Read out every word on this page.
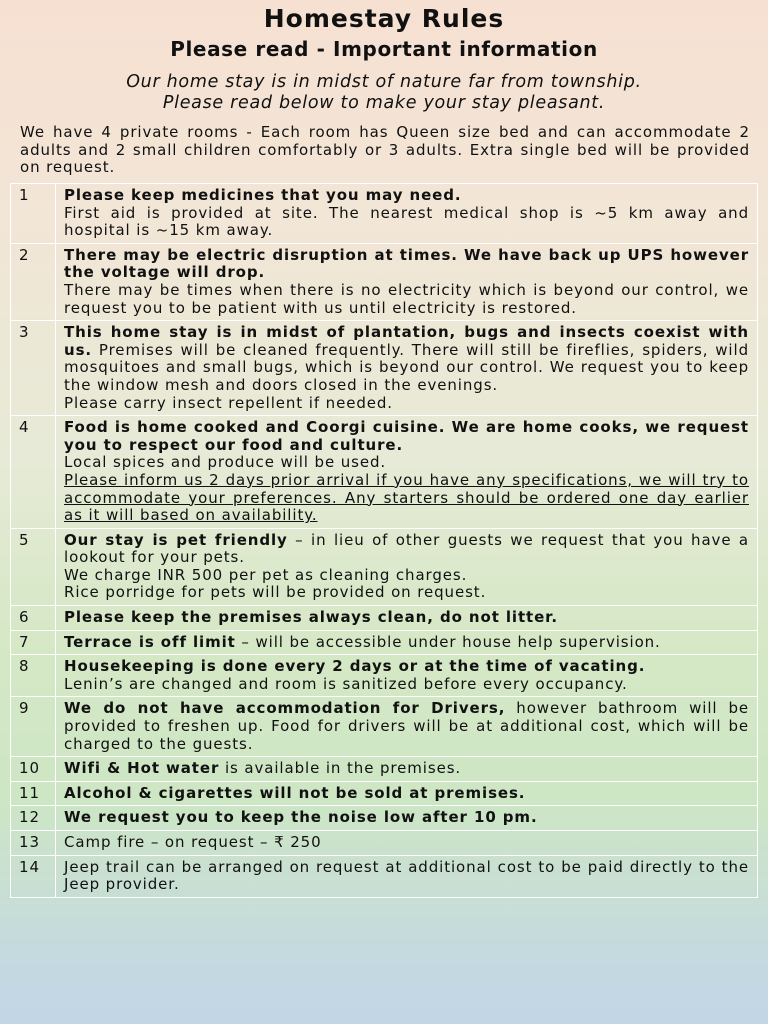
Homestay Rules
Please read - Important information
Our home stay is in midst of nature far from township.
Please read below to make your stay pleasant.
We have 4 private rooms - Each room has Queen size bed and can accommodate 2 adults and 2 small children comfortably or 3 adults. Extra single bed will be provided on request.
1	Please keep medicines that you may need.
First aid is provided at site. The nearest medical shop is ~5 km away and hospital is ~15 km away.
2	There may be electric disruption at times. We have back up UPS however the voltage will drop.
There may be times when there is no electricity which is beyond our control, we request you to be patient with us until electricity is restored.
3	This home stay is in midst of plantation, bugs and insects coexist with us. Premises will be cleaned frequently. There will still be fireflies, spiders, wild mosquitoes and small bugs, which is beyond our control. We request you to keep the window mesh and doors closed in the evenings.
Please carry insect repellent if needed.

4	Food is home cooked and Coorgi cuisine. We are home cooks, we request you to respect our food and culture.
Local spices and produce will be used.
Please inform us 2 days prior arrival if you have any specifications, we will try to accommodate your preferences. Any starters should be ordered one day earlier as it will based on availability.
5	Our stay is pet friendly – in lieu of other guests we request that you have a lookout for your pets.
We charge INR 500 per pet as cleaning charges.
Rice porridge for pets will be provided on request.

6	Please keep the premises always clean, do not litter.
7	Terrace is off limit – will be accessible under house help supervision.
8	Housekeeping is done every 2 days or at the time of vacating.
Lenin’s are changed and room is sanitized before every occupancy.
9	We do not have accommodation for Drivers, however bathroom will be provided to freshen up. Food for drivers will be at additional cost, which will be charged to the guests.
10	Wifi & Hot water is available in the premises.
11	Alcohol & cigarettes will not be sold at premises.
12	We request you to keep the noise low after 10 pm.
13	Camp fire – on request – ₹ 250
14	Jeep trail can be arranged on request at additional cost to be paid directly to the Jeep provider.
